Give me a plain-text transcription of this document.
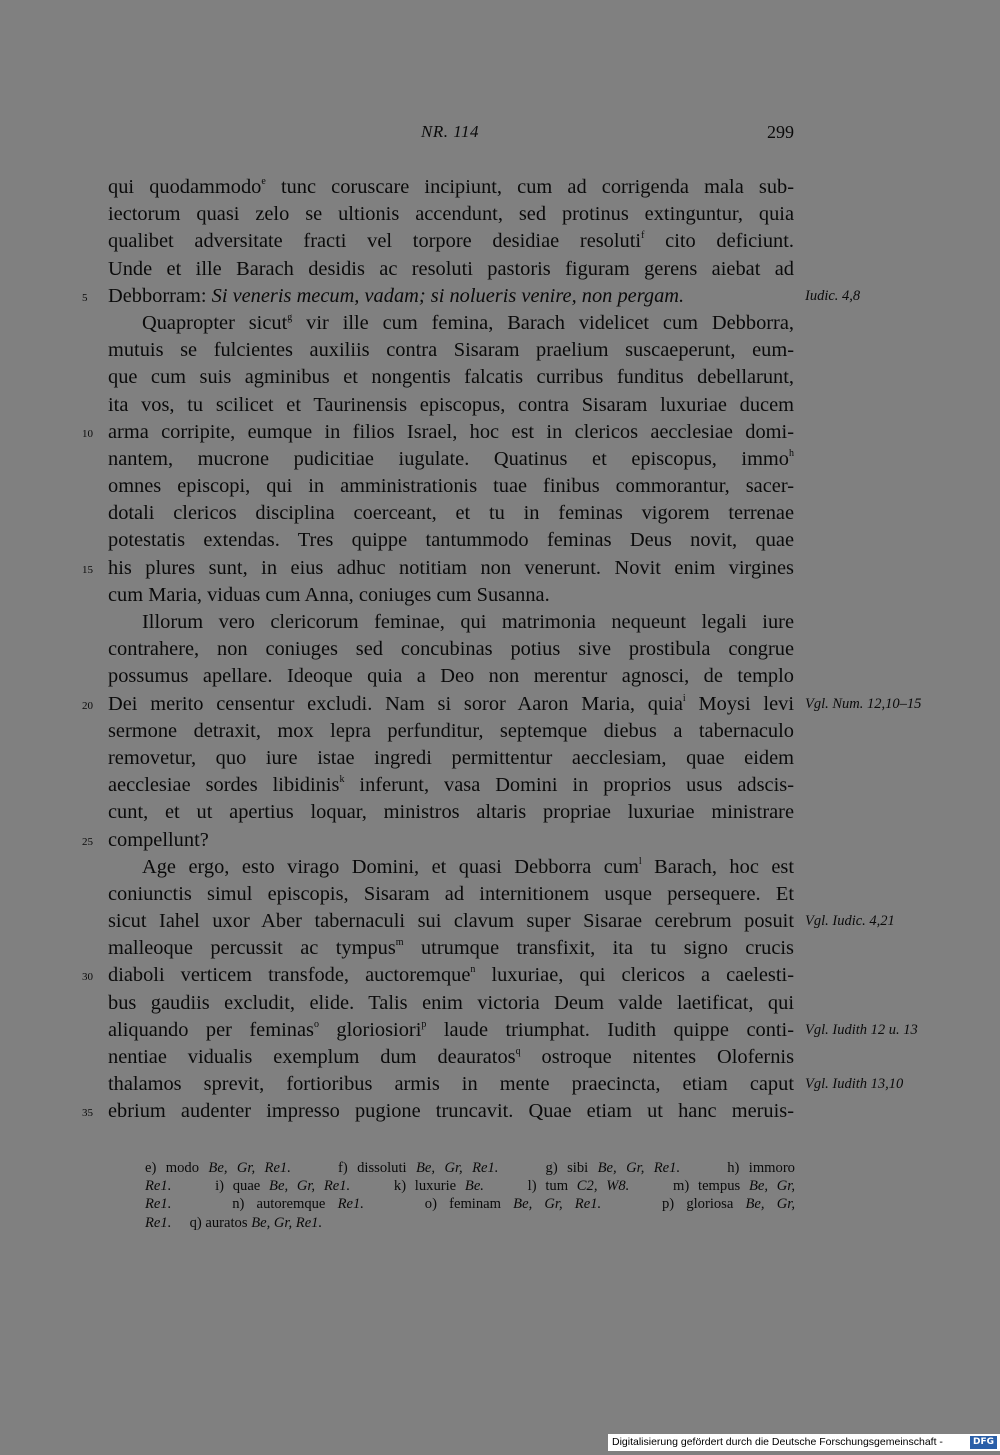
NR. 114	299
qui quodammodo$^e$ tunc coruscare incipiunt, cum ad corrigenda mala sub-
iectorum quasi zelo se ultionis accendunt, sed protinus extinguntur, quia
qualibet adversitate fracti vel torpore desidiae resoluti$^f$ cito deficiunt.
Unde et ille Barach desidis ac resoluti pastoris figuram gerens aiebat ad
Debborram: Si veneris mecum, vadam; si nolueris venire, non pergam.
5	Iudic. 4,8
Quapropter sicut$^g$ vir ille cum femina, Barach videlicet cum Debborra,
mutuis se fulcientes auxiliis contra Sisaram praelium suscaeperunt, eum-
que cum suis agminibus et nongentis falcatis curribus funditus debellarunt,
ita vos, tu scilicet et Taurinensis episcopus, contra Sisaram luxuriae ducem
arma corripite, eumque in filios Israel, hoc est in clericos aecclesiae domi-
10
nantem, mucrone pudicitiae iugulate. Quatinus et episcopus, immo$^h$
omnes episcopi, qui in amministrationis tuae finibus commorantur, sacer-
dotali clericos disciplina coerceant, et tu in feminas vigorem terrenae
potestatis extendas. Tres quippe tantummodo feminas Deus novit, quae
his plures sunt, in eius adhuc notitiam non venerunt. Novit enim virgines
15
cum Maria, viduas cum Anna, coniuges cum Susanna.
Illorum vero clericorum feminae, qui matrimonia nequeunt legali iure
contrahere, non coniuges sed concubinas potius sive prostibula congrue
possumus apellare. Ideoque quia a Deo non merentur agnosci, de templo
Dei merito censentur excludi. Nam si soror Aaron Maria, quia$^i$ Moysi levi
20	Vgl. Num. 12,10–15
sermone detraxit, mox lepra perfunditur, septemque diebus a tabernaculo
removetur, quo iure istae ingredi permittentur aecclesiam, quae eidem
aecclesiae sordes libidinis$^k$ inferunt, vasa Domini in proprios usus adscis-
cunt, et ut apertius loquar, ministros altaris propriae luxuriae ministrare
compellunt?
25
Age ergo, esto virago Domini, et quasi Debborra cum$^l$ Barach, hoc est
coniunctis simul episcopis, Sisaram ad internitionem usque persequere. Et
sicut Iahel uxor Aber tabernaculi sui clavum super Sisarae cerebrum posuit Vgl. Iudic. 4,21
malleoque percussit ac tympus$^m$ utrumque transfixit, ita tu signo crucis
diaboli verticem transfode, auctoremque$^n$ luxuriae, qui clericos a caelesti-
30
bus gaudiis excludit, elide. Talis enim victoria Deum valde laetificat, qui
aliquando per feminas$^o$ gloriosiori$^p$ laude triumphat. Iudith quippe conti- Vgl. Iudith 12 u. 13
nentiae vidualis exemplum dum deauratos$^q$ ostroque nitentes Olofernis
thalamos sprevit, fortioribus armis in mente praecincta, etiam caput Vgl. Iudith 13,10
ebrium audenter impresso pugione truncavit. Quae etiam ut hanc meruis-
35
e) modo Be, Gr, Re1.     f) dissoluti Be, Gr, Re1.     g) sibi Be, Gr, Re1.     h) immoro
Re1.     i) quae Be, Gr, Re1.     k) luxurie Be.     l) tum C2, W8.     m) tempus Be, Gr,
Re1.     n) autoremque Re1.     o) feminam Be, Gr, Re1.     p) gloriosa Be, Gr,
Re1.     q) auratos Be, Gr, Re1.
Digitalisierung gefördert durch die Deutsche Forschungsgemeinschaft -	DFG
